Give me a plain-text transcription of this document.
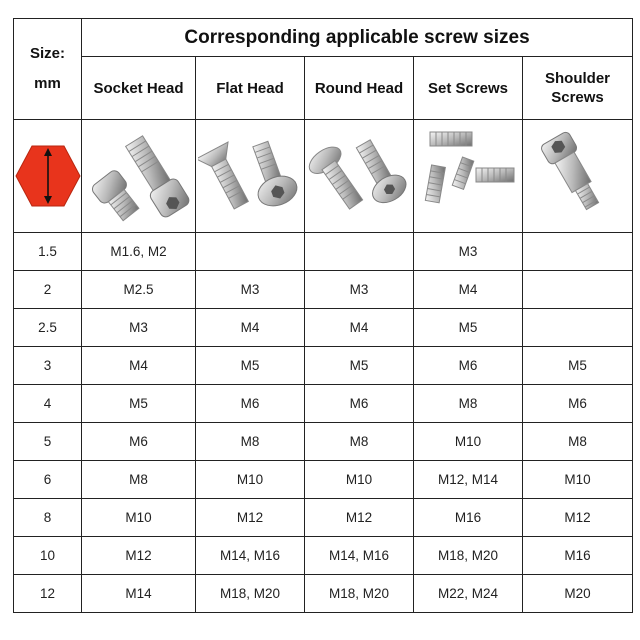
Size:
mm	Corresponding applicable screw sizes				
	Socket Head	Flat Head	Round Head	Set Screws	Shoulder Screws

1.5	M1.6, M2			M3	
2	M2.5	M3	M3	M4	
2.5	M3	M4	M4	M5	
3	M4	M5	M5	M6	M5
4	M5	M6	M6	M8	M6
5	M6	M8	M8	M10	M8
6	M8	M10	M10	M12, M14	M10
8	M10	M12	M12	M16	M12
10	M12	M14, M16	M14, M16	M18, M20	M16
12	M14	M18, M20	M18, M20	M22, M24	M20
